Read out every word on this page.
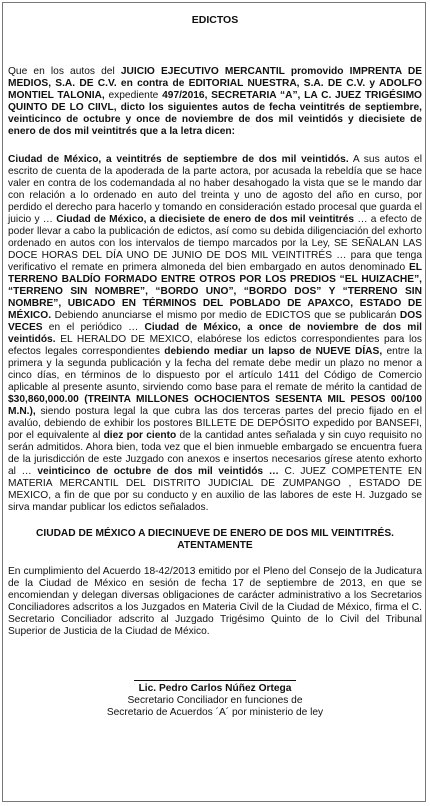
EDICTOS

Que en los autos del JUICIO EJECUTIVO MERCANTIL promovido IMPRENTA DE MEDIOS, S.A. DE C.V. en contra de EDITORIAL NUESTRA, S.A. DE C.V. y ADOLFO MONTIEL TALONIA, expediente 497/2016, SECRETARIA “A”, LA C. JUEZ TRIGÉSIMO QUINTO DE LO CIIVL, dicto los siguientes autos de fecha veintitrés de septiembre, veinticinco de octubre y once de noviembre de dos mil veintidós y diecisiete de enero de dos mil veintitrés que a la letra dicen:

Ciudad de México, a veintitrés de septiembre de dos mil veintidós. A sus autos el escrito de cuenta de la apoderada de la parte actora, por acusada la rebeldía que se hace valer en contra de los codemandada al no haber desahogado la vista que se le mando dar con relación a lo ordenado en auto del treinta y uno de agosto del año en curso, por perdido el derecho para hacerlo y tomando en consideración estado procesal que guarda el juicio y … Ciudad de México, a diecisiete de enero de dos mil veintitrés … a efecto de poder llevar a cabo la publicación de edictos, así como su debida diligenciación del exhorto ordenado en autos con los intervalos de tiempo marcados por la Ley, SE SEÑALAN LAS DOCE HORAS DEL DÍA UNO DE JUNIO DE DOS MIL VEINTITRÉS … para que tenga verificativo el remate en primera almoneda del bien embargado en autos denominado EL TERRENO BALDÍO FORMADO ENTRE OTROS POR LOS PREDIOS “EL HUIZACHE”, “TERRENO SIN NOMBRE”, “BORDO UNO”, “BORDO DOS” Y “TERRENO SIN NOMBRE”, UBICADO EN TÉRMINOS DEL POBLADO DE APAXCO, ESTADO DE MÉXICO. Debiendo anunciarse el mismo por medio de EDICTOS que se publicarán DOS VECES en el periódico … Ciudad de México, a once de noviembre de dos mil veintidós. EL HERALDO DE MEXICO, elabórese los edictos correspondientes para los efectos legales correspondientes debiendo mediar un lapso de NUEVE DÍAS, entre la primera y la segunda publicación y la fecha del remate debe medir un plazo no menor a cinco días, en términos de lo dispuesto por el artículo 1411 del Código de Comercio aplicable al presente asunto, sirviendo como base para el remate de mérito la cantidad de $30,860,000.00 (TREINTA MILLONES OCHOCIENTOS SESENTA MIL PESOS 00/100 M.N.), siendo postura legal la que cubra las dos terceras partes del precio fijado en el avalúo, debiendo de exhibir los postores BILLETE DE DEPÓSITO expedido por BANSEFI, por el equivalente al diez por ciento de la cantidad antes señalada y sin cuyo requisito no serán admitidos. Ahora bien, toda vez que el bien inmueble embargado se encuentra fuera de la jurisdicción de este Juzgado con anexos e insertos necesarios gírese atento exhorto al … veinticinco de octubre de dos mil veintidós … C. JUEZ COMPETENTE EN MATERIA MERCANTIL DEL DISTRITO JUDICIAL DE ZUMPANGO , ESTADO DE MEXICO, a fin de que por su conducto y en auxilio de las labores de este H. Juzgado se sirva mandar publicar los edictos señalados.

CIUDAD DE MÉXICO A DIECINUEVE DE ENERO DE DOS MIL VEINTITRÉS.
ATENTAMENTE

En cumplimiento del Acuerdo 18-42/2013 emitido por el Pleno del Consejo de la Judicatura de la Ciudad de México en sesión de fecha 17 de septiembre de 2013, en que se encomiendan y delegan diversas obligaciones de carácter administrativo a los Secretarios Conciliadores adscritos a los Juzgados en Materia Civil de la Ciudad de México, firma el C. Secretario Conciliador adscrito al Juzgado Trigésimo Quinto de lo Civil del Tribunal Superior de Justicia de la Ciudad de México.

Lic. Pedro Carlos Núñez Ortega
Secretario Conciliador en funciones de
Secretario de Acuerdos ´A´ por ministerio de ley
